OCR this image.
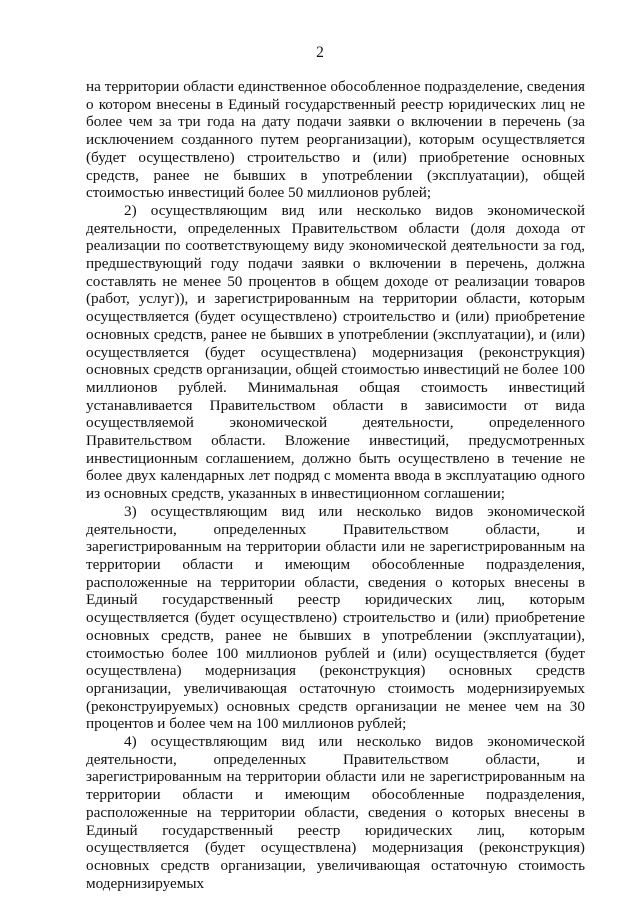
2

на территории области единственное обособленное подразделение, сведения о котором внесены в Единый государственный реестр юридических лиц не более чем за три года на дату подачи заявки о включении в перечень (за исключением созданного путем реорганизации), которым осуществляется (будет осуществлено) строительство и (или) приобретение основных средств, ранее не бывших в употреблении (эксплуатации), общей стоимостью инвестиций более 50 миллионов рублей;

2) осуществляющим вид или несколько видов экономической деятельности, определенных Правительством области (доля дохода от реализации по соответствующему виду экономической деятельности за год, предшествующий году подачи заявки о включении в перечень, должна составлять не менее 50 процентов в общем доходе от реализации товаров (работ, услуг)), и зарегистрированным на территории области, которым осуществляется (будет осуществлено) строительство и (или) приобретение основных средств, ранее не бывших в употреблении (эксплуатации), и (или) осуществляется (будет осуществлена) модернизация (реконструкция) основных средств организации, общей стоимостью инвестиций не более 100 миллионов рублей. Минимальная общая стоимость инвестиций устанавливается Правительством области в зависимости от вида осуществляемой экономической деятельности, определенного Правительством области. Вложение инвестиций, предусмотренных инвестиционным соглашением, должно быть осуществлено в течение не более двух календарных лет подряд с момента ввода в эксплуатацию одного из основных средств, указанных в инвестиционном соглашении;

3) осуществляющим вид или несколько видов экономической деятельности, определенных Правительством области, и зарегистрированным на территории области или не зарегистрированным на территории области и имеющим обособленные подразделения, расположенные на территории области, сведения о которых внесены в Единый государственный реестр юридических лиц, которым осуществляется (будет осуществлено) строительство и (или) приобретение основных средств, ранее не бывших в употреблении (эксплуатации), стоимостью более 100 миллионов рублей и (или) осуществляется (будет осуществлена) модернизация (реконструкция) основных средств организации, увеличивающая остаточную стоимость модернизируемых (реконструируемых) основных средств организации не менее чем на 30 процентов и более чем на 100 миллионов рублей;

4) осуществляющим вид или несколько видов экономической деятельности, определенных Правительством области, и зарегистрированным на территории области или не зарегистрированным на территории области и имеющим обособленные подразделения, расположенные на территории области, сведения о которых внесены в Единый государственный реестр юридических лиц, которым осуществляется (будет осуществлена) модернизация (реконструкция) основных средств организации, увеличивающая остаточную стоимость модернизируемых
